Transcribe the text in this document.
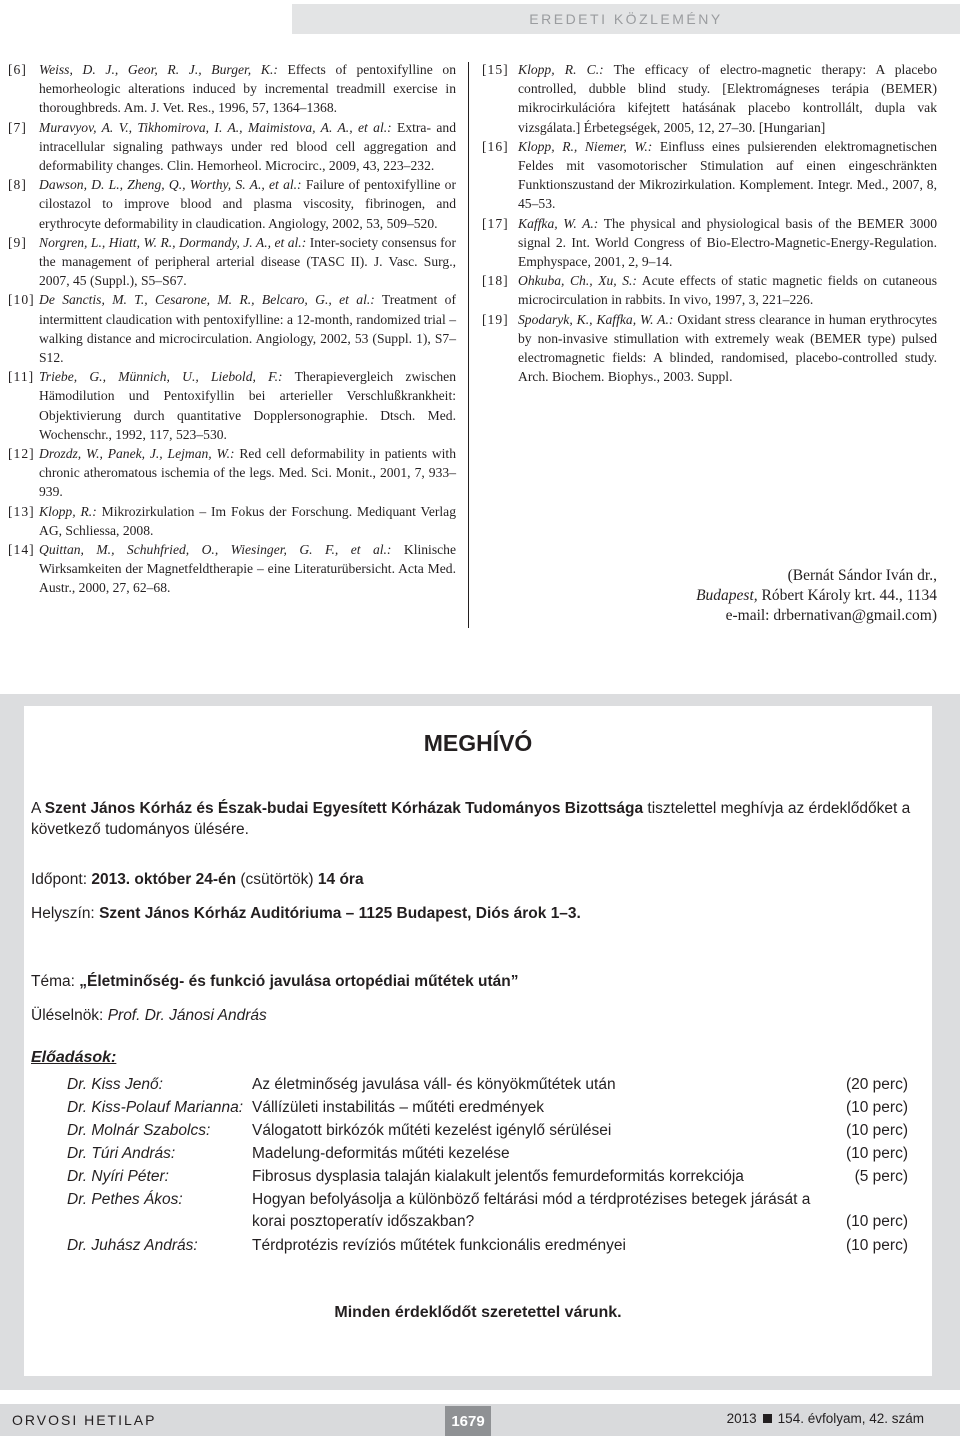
EREDETI KÖZLEMÉNY
[6] Weiss, D. J., Geor, R. J., Burger, K.: Effects of pentoxifylline on hemorheologic alterations induced by incremental treadmill exercise in thoroughbreds. Am. J. Vet. Res., 1996, 57, 1364–1368.
[7] Muravyov, A. V., Tikhomirova, I. A., Maimistova, A. A., et al.: Extra- and intracellular signaling pathways under red blood cell aggregation and deformability changes. Clin. Hemorheol. Microcirc., 2009, 43, 223–232.
[8] Dawson, D. L., Zheng, Q., Worthy, S. A., et al.: Failure of pentoxifylline or cilostazol to improve blood and plasma viscosity, fibrinogen, and erythrocyte deformability in claudication. Angiology, 2002, 53, 509–520.
[9] Norgren, L., Hiatt, W. R., Dormandy, J. A., et al.: Inter-society consensus for the management of peripheral arterial disease (TASC II). J. Vasc. Surg., 2007, 45 (Suppl.), S5–S67.
[10] De Sanctis, M. T., Cesarone, M. R., Belcaro, G., et al.: Treatment of intermittent claudication with pentoxifylline: a 12-month, randomized trial – walking distance and microcirculation. Angiology, 2002, 53 (Suppl. 1), S7–S12.
[11] Triebe, G., Münnich, U., Liebold, F.: Therapievergleich zwischen Hämodilution und Pentoxifyllin bei arterieller Verschlußkrankheit: Objektivierung durch quantitative Dopplersonographie. Dtsch. Med. Wochenschr., 1992, 117, 523–530.
[12] Drozdz, W., Panek, J., Lejman, W.: Red cell deformability in patients with chronic atheromatous ischemia of the legs. Med. Sci. Monit., 2001, 7, 933–939.
[13] Klopp, R.: Mikrozirkulation – Im Fokus der Forschung. Mediquant Verlag AG, Schliessa, 2008.
[14] Quittan, M., Schuhfried, O., Wiesinger, G. F., et al.: Klinische Wirksamkeiten der Magnetfeldtherapie – eine Literaturübersicht. Acta Med. Austr., 2000, 27, 62–68.
[15] Klopp, R. C.: The efficacy of electro-magnetic therapy: A placebo controlled, dubble blind study. [Elektromágneses terápia (BEMER) mikrocirkulációra kifejtett hatásának placebo kontrollált, dupla vak vizsgálata.] Érbetegségek, 2005, 12, 27–30. [Hungarian]
[16] Klopp, R., Niemer, W.: Einfluss eines pulsierenden elektromagnetischen Feldes mit vasomotorischer Stimulation auf einen eingeschränkten Funktionszustand der Mikrozirkulation. Komplement. Integr. Med., 2007, 8, 45–53.
[17] Kaffka, W. A.: The physical and physiological basis of the BEMER 3000 signal 2. Int. World Congress of Bio-Electro-Magnetic-Energy-Regulation. Emphyspace, 2001, 2, 9–14.
[18] Ohkuba, Ch., Xu, S.: Acute effects of static magnetic fields on cutaneous microcirculation in rabbits. In vivo, 1997, 3, 221–226.
[19] Spodaryk, K., Kaffka, W. A.: Oxidant stress clearance in human erythrocytes by non-invasive stimullation with extremely weak (BEMER type) pulsed electromagnetic fields: A blinded, randomised, placebo-controlled study. Arch. Biochem. Biophys., 2003. Suppl.
(Bernát Sándor Iván dr.,
Budapest, Róbert Károly krt. 44., 1134
e-mail: drbernativan@gmail.com)
MEGHÍVÓ
A Szent János Kórház és Észak-budai Egyesített Kórházak Tudományos Bizottsága tisztelettel meghívja az érdeklődőket a következő tudományos ülésére.
Időpont: 2013. október 24-én (csütörtök) 14 óra
Helyszín: Szent János Kórház Auditóriuma – 1125 Budapest, Diós árok 1–3.
Téma: „Életminőség- és funkció javulása ortopédiai műtétek után”
Üléselnök: Prof. Dr. Jánosi András
Előadások:
Dr. Kiss Jenő:	Az életminőség javulása váll- és könyökműtétek után	(20 perc)
Dr. Kiss-Polauf Marianna: Vállízületi instabilitás – műtéti eredmények	(10 perc)
Dr. Molnár Szabolcs:	Válogatott birkózók műtéti kezelést igénylő sérülései	(10 perc)
Dr. Túri András:	Madelung-deformitás műtéti kezelése	(10 perc)
Dr. Nyíri Péter:	Fibrosus dysplasia talaján kialakult jelentős femurdeformitás korrekciója	(5 perc)
Dr. Pethes Ákos:	Hogyan befolyásolja a különböző feltárási mód a térdprotézises betegek járását a korai posztoperatív időszakban?	(10 perc)
Dr. Juhász András:	Térdprotézis revíziós műtétek funkcionális eredményei	(10 perc)
Minden érdeklődőt szeretettel várunk.
ORVOSI HETILAP	1679	2013 154. évfolyam, 42. szám
